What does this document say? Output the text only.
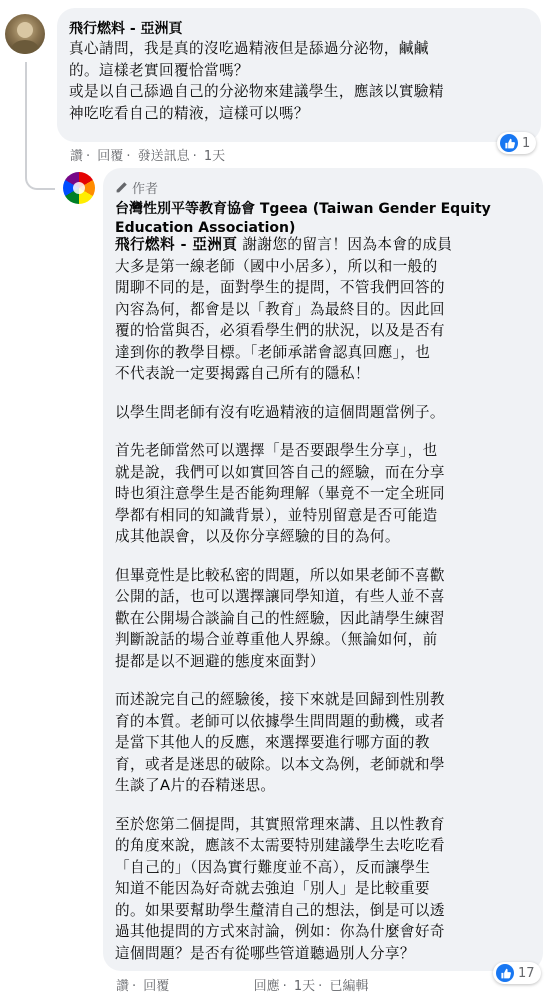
飛行燃料 - 亞洲頁
真心請問，我是真的沒吃過精液但是舔過分泌物，鹹鹹
的。這樣老實回覆恰當嗎？
或是以自己舔過自己的分泌物來建議學生，應該以實驗精
神吃吃看自己的精液，這樣可以嗎？
1
讚 · 回覆 · 發送訊息 · 1天
作者
台灣性別平等教育協會 Tgeea (Taiwan Gender Equity Education Association)
飛行燃料 - 亞洲頁 謝謝您的留言！因為本會的成員
大多是第一線老師（國中小居多），所以和一般的
閒聊不同的是，面對學生的提問，不管我們回答的
內容為何，都會是以「教育」為最終目的。因此回
覆的恰當與否，必須看學生們的狀況，以及是否有
達到你的教學目標。「老師承諾會認真回應」，也
不代表說一定要揭露自己所有的隱私！
以學生問老師有沒有吃過精液的這個問題當例子。
首先老師當然可以選擇「是否要跟學生分享」，也
就是說，我們可以如實回答自己的經驗，而在分享
時也須注意學生是否能夠理解（畢竟不一定全班同
學都有相同的知識背景），並特別留意是否可能造
成其他誤會，以及你分享經驗的目的為何。
但畢竟性是比較私密的問題，所以如果老師不喜歡
公開的話，也可以選擇讓同學知道，有些人並不喜
歡在公開場合談論自己的性經驗，因此請學生練習
判斷說話的場合並尊重他人界線。（無論如何，前
提都是以不迴避的態度來面對）
而述說完自己的經驗後，接下來就是回歸到性別教
育的本質。老師可以依據學生問問題的動機，或者
是當下其他人的反應，來選擇要進行哪方面的教
育，或者是迷思的破除。以本文為例，老師就和學
生談了A片的吞精迷思。
至於您第二個提問，其實照常理來講、且以性教育
的角度來說，應該不太需要特別建議學生去吃吃看
「自己的」（因為實行難度並不高），反而讓學生
知道不能因為好奇就去強迫「別人」是比較重要
的。如果要幫助學生釐清自己的想法，倒是可以透
過其他提問的方式來討論，例如：你為什麼會好奇
這個問題？是否有從哪些管道聽過別人分享？
17
讚 · 回覆	回應 · 1天 · 已編輯
